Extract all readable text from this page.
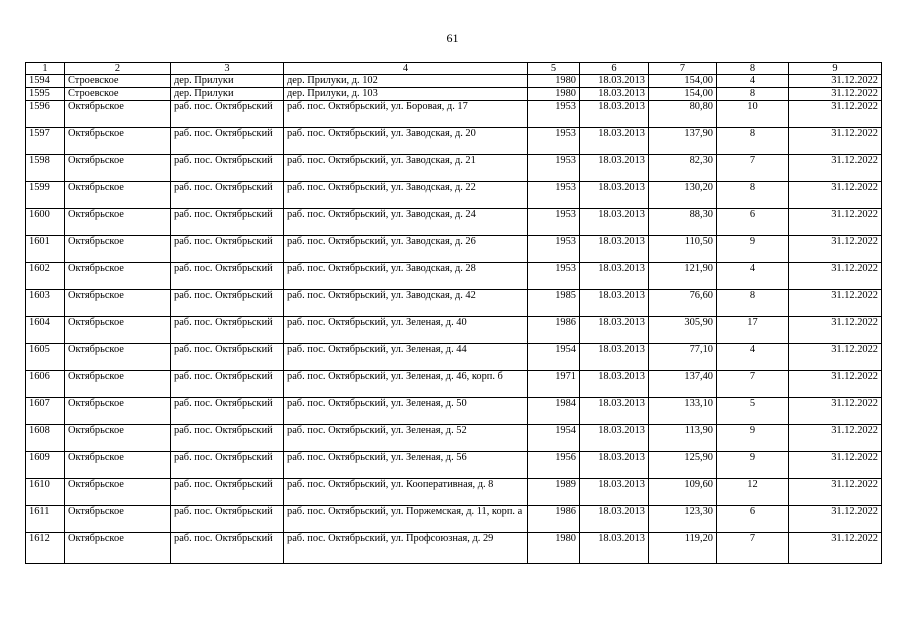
61
1	2	3	4	5	6	7	8	9
1594	Строевское	дер. Прилуки	дер. Прилуки, д. 102	1980	18.03.2013	154,00	4	31.12.2022
1595	Строевское	дер. Прилуки	дер. Прилуки, д. 103	1980	18.03.2013	154,00	8	31.12.2022
1596	Октябрьское	раб. пос. Октябрьский	раб. пос. Октябрьский, ул. Боровая, д. 17	1953	18.03.2013	80,80	10	31.12.2022
1597	Октябрьское	раб. пос. Октябрьский	раб. пос. Октябрьский, ул. Заводская, д. 20	1953	18.03.2013	137,90	8	31.12.2022
1598	Октябрьское	раб. пос. Октябрьский	раб. пос. Октябрьский, ул. Заводская, д. 21	1953	18.03.2013	82,30	7	31.12.2022
1599	Октябрьское	раб. пос. Октябрьский	раб. пос. Октябрьский, ул. Заводская, д. 22	1953	18.03.2013	130,20	8	31.12.2022
1600	Октябрьское	раб. пос. Октябрьский	раб. пос. Октябрьский, ул. Заводская, д. 24	1953	18.03.2013	88,30	6	31.12.2022
1601	Октябрьское	раб. пос. Октябрьский	раб. пос. Октябрьский, ул. Заводская, д. 26	1953	18.03.2013	110,50	9	31.12.2022
1602	Октябрьское	раб. пос. Октябрьский	раб. пос. Октябрьский, ул. Заводская, д. 28	1953	18.03.2013	121,90	4	31.12.2022
1603	Октябрьское	раб. пос. Октябрьский	раб. пос. Октябрьский, ул. Заводская, д. 42	1985	18.03.2013	76,60	8	31.12.2022
1604	Октябрьское	раб. пос. Октябрьский	раб. пос. Октябрьский, ул. Зеленая, д. 40	1986	18.03.2013	305,90	17	31.12.2022
1605	Октябрьское	раб. пос. Октябрьский	раб. пос. Октябрьский, ул. Зеленая, д. 44	1954	18.03.2013	77,10	4	31.12.2022
1606	Октябрьское	раб. пос. Октябрьский	раб. пос. Октябрьский, ул. Зеленая, д. 46, корп. б	1971	18.03.2013	137,40	7	31.12.2022
1607	Октябрьское	раб. пос. Октябрьский	раб. пос. Октябрьский, ул. Зеленая, д. 50	1984	18.03.2013	133,10	5	31.12.2022
1608	Октябрьское	раб. пос. Октябрьский	раб. пос. Октябрьский, ул. Зеленая, д. 52	1954	18.03.2013	113,90	9	31.12.2022
1609	Октябрьское	раб. пос. Октябрьский	раб. пос. Октябрьский, ул. Зеленая, д. 56	1956	18.03.2013	125,90	9	31.12.2022
1610	Октябрьское	раб. пос. Октябрьский	раб. пос. Октябрьский, ул. Кооперативная, д. 8	1989	18.03.2013	109,60	12	31.12.2022
1611	Октябрьское	раб. пос. Октябрьский	раб. пос. Октябрьский, ул. Поржемская, д. 11, корп. а	1986	18.03.2013	123,30	6	31.12.2022
1612	Октябрьское	раб. пос. Октябрьский	раб. пос. Октябрьский, ул. Профсоюзная, д. 29	1980	18.03.2013	119,20	7	31.12.2022
